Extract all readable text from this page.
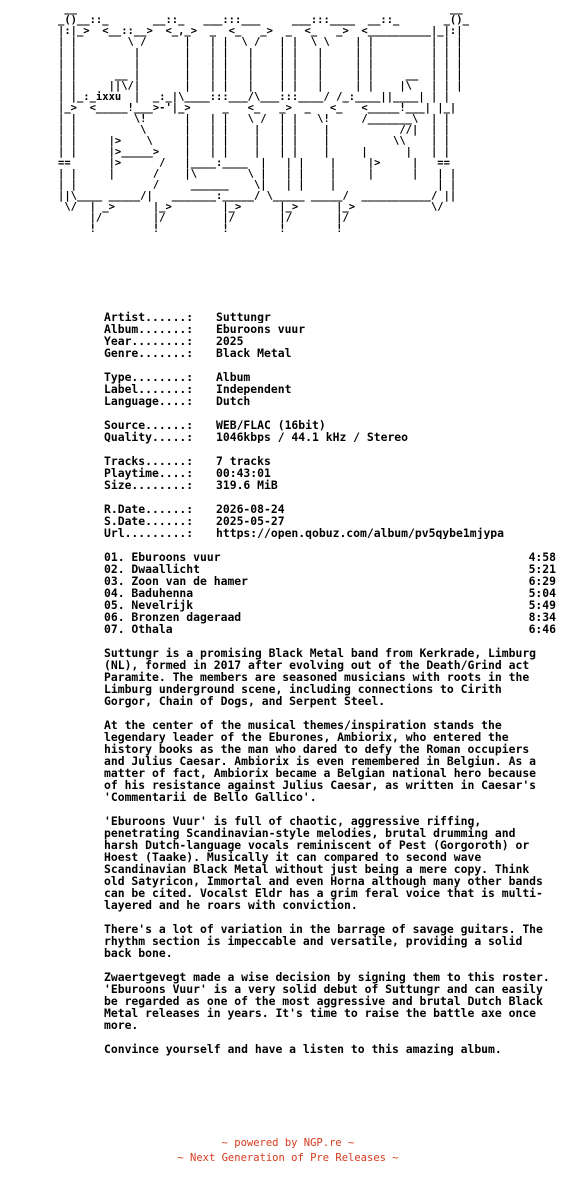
__                                                           __
_()__::_       __::_   ___:::___     ___:::____  __::_       _()_
|:|_>  <__::__>  <_,_>  _  <_   _>  _  <_   _>  <__________|_|:|
| |        \ /      |   | |  \ /   | |  \ \    | |         | | |
| |         |       |   | |   |    | |   |     | |         | | |
| |         |       |   | |   |    | |   |     | |         | | |
| |      __ |       |   | |   |    | |   |     | |     __  | | |
| |     ||\/|       |   | |   |    | |   |     | |    |\   | | |
| |_:_ixxu  |  _:_|\____:::___/\___:::____/ /_:____||____| | |
|_>  <_____!___>-'|_>     _   <_   _>  _   <_   <_____!___| |_|
| |         \!      |   | |   \ /  | |   \!     /_______\  | |
| |          \      |   | |    |   | |    |           //|  | |
| |     |>    \     |   | |    |   | |    |          \\    | |
| |     |>_____>    |   | |    |   | |    |     |      |   | |
==      |>      /   |____:____  |   | |    |     |>     |   ==
| |     |      /    |\        \ |   | |    |     |      |   | |
| |            /     ______    \|   | |    |                | |
||\____ _____/|   _______:_____/ \_____ _____/  ___________/ ||
\/  | _>      |_>        |_>      |_>      |_>            \/
|/        |/         |/       |/       |/
!         !          !        !        !

Artist......:	Suttungr
Album.......:	Eburoons vuur
Year........:	2025
Genre.......:	Black Metal
Type........:	Album
Label.......:	Independent
Language....:	Dutch
Source......:	WEB/FLAC (16bit)
Quality.....:	1046kbps / 44.1 kHz / Stereo
Tracks......:	7 tracks
Playtime....:	00:43:01
Size........:	319.6 MiB
R.Date......:	2026-08-24
S.Date......:	2025-05-27
Url.........:	https://open.qobuz.com/album/pv5qybe1mjypa
01. Eburoons vuur	4:58
02. Dwaallicht	5:21
03. Zoon van de hamer	6:29
04. Baduhenna	5:04
05. Nevelrijk	5:49
06. Bronzen dageraad	8:34
07. Othala	6:46

Suttungr is a promising Black Metal band from Kerkrade, Limburg (NL), formed in 2017 after evolving out of the Death/Grind act Paramite. The members are seasoned musicians with roots in the Limburg underground scene, including connections to Cirith Gorgor, Chain of Dogs, and Serpent Steel.

At the center of the musical themes/inspiration stands the legendary leader of the Eburones, Ambiorix, who entered the history books as the man who dared to defy the Roman occupiers and Julius Caesar. Ambiorix is even remembered in Belgiun. As a matter of fact, Ambiorix became a Belgian national hero because of his resistance against Julius Caesar, as written in Caesar's 'Commentarii de Bello Gallico'.

'Eburoons Vuur' is full of chaotic, aggressive riffing, penetrating Scandinavian-style melodies, brutal drumming and harsh Dutch-language vocals reminiscent of Pest (Gorgoroth) or Hoest (Taake). Musically it can compared to second wave Scandinavian Black Metal without just being a mere copy. Think old Satyricon, Immortal and even Horna although many other bands can be cited. Vocalst Eldr has a grim feral voice that is multi-layered and he roars with conviction.

There's a lot of variation in the barrage of savage guitars. The rhythm section is impeccable and versatile, providing a solid back bone.

Zwaertgevegt made a wise decision by signing them to this roster. 'Eburoons Vuur' is a very solid debut of Suttungr and can easily be regarded as one of the most aggressive and brutal Dutch Black Metal releases in years. It's time to raise the battle axe once more.

Convince yourself and have a listen to this amazing album.

~ powered by NGP.re ~
~ Next Generation of Pre Releases ~
